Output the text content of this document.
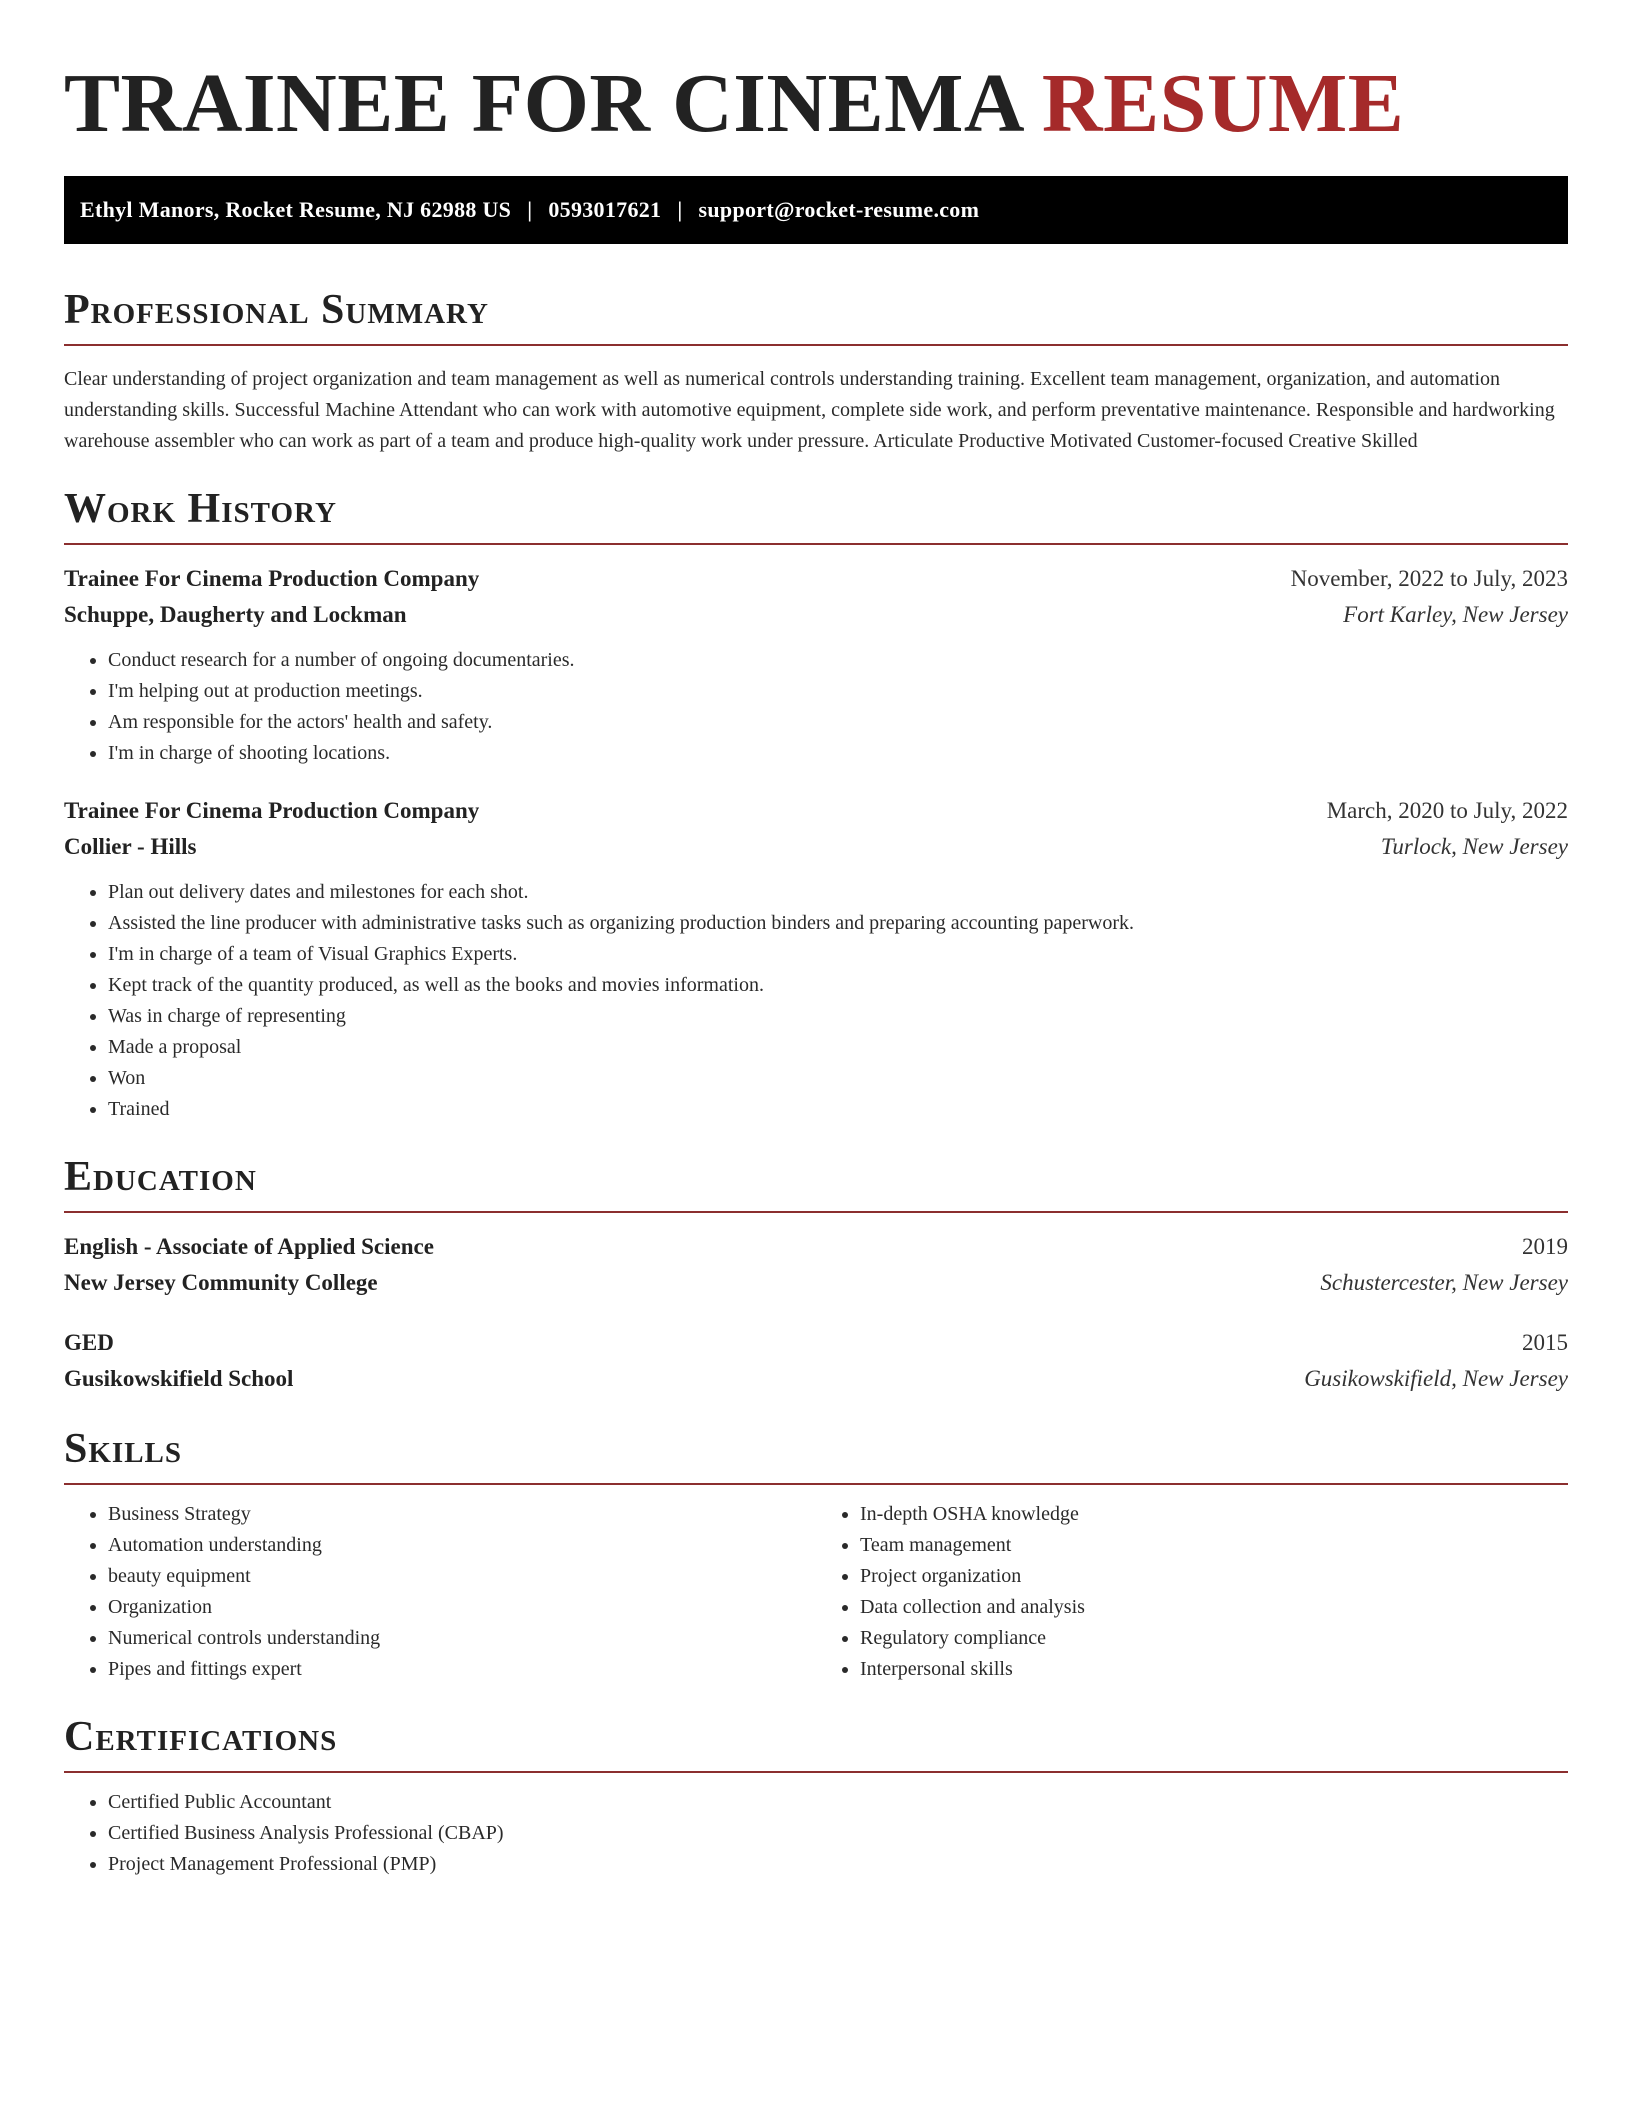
TRAINEE FOR CINEMA RESUME
Ethyl Manors, Rocket Resume, NJ 62988 US | 0593017621 | support@rocket-resume.com
Professional Summary

Clear understanding of project organization and team management as well as numerical controls understanding training. Excellent team management, organization, and automation understanding skills. Successful Machine Attendant who can work with automotive equipment, complete side work, and perform preventative maintenance. Responsible and hardworking warehouse assembler who can work as part of a team and produce high-quality work under pressure. Articulate Productive Motivated Customer-focused Creative Skilled

Work History
Trainee For Cinema Production Company	November, 2022 to July, 2023
Schuppe, Daugherty and Lockman	Fort Karley, New Jersey
• Conduct research for a number of ongoing documentaries.
• I'm helping out at production meetings.
• Am responsible for the actors' health and safety.
• I'm in charge of shooting locations.
Trainee For Cinema Production Company	March, 2020 to July, 2022
Collier - Hills	Turlock, New Jersey
• Plan out delivery dates and milestones for each shot.
• Assisted the line producer with administrative tasks such as organizing production binders and preparing accounting paperwork.
• I'm in charge of a team of Visual Graphics Experts.
• Kept track of the quantity produced, as well as the books and movies information.
• Was in charge of representing
• Made a proposal
• Won
• Trained
Education
English - Associate of Applied Science	2019
New Jersey Community College	Schustercester, New Jersey
GED	2015
Gusikowskifield School	Gusikowskifield, New Jersey
Skills
• Business Strategy
• Automation understanding
• beauty equipment
• Organization
• Numerical controls understanding
• Pipes and fittings expert
• In-depth OSHA knowledge
• Team management
• Project organization
• Data collection and analysis
• Regulatory compliance
• Interpersonal skills
Certifications
• Certified Public Accountant
• Certified Business Analysis Professional (CBAP)
• Project Management Professional (PMP)
